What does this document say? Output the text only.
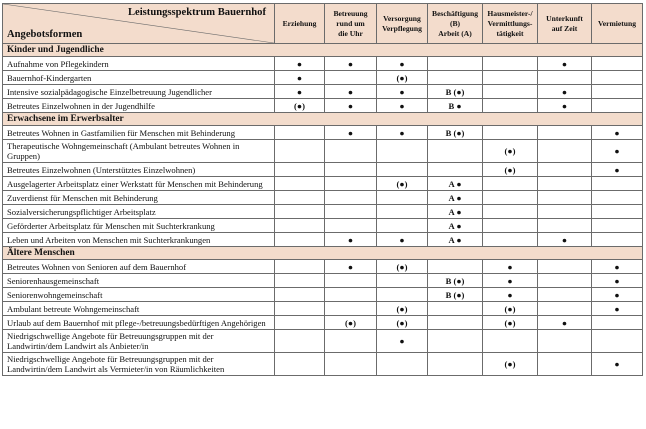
Leistungsspektrum Bauernhof
Angebotsformen	Erziehung	Betreuung
rund um
die Uhr	Versorgung
Verpflegung	Beschäftigung
(B)
Arbeit (A)	Hausmeister-/
Vermittlungs-
tätigkeit	Unterkunft
auf Zeit	Vermietung
Kinder und Jugendliche							
Aufnahme von Pflegekindern	●	●	●			●	
Bauernhof-Kindergarten	●		(●)				
Intensive sozialpädagogische Einzelbetreuung Jugendlicher	●	●	●	B (●)		●	
Betreutes Einzelwohnen in der Jugendhilfe	(●)	●	●	B ●		●	
Erwachsene im Erwerbsalter							
Betreutes Wohnen in Gastfamilien für Menschen mit Behinderung		●	●	B (●)			●
Therapeutische Wohngemeinschaft (Ambulant betreutes Wohnen in Gruppen)					(●)		●
Betreutes Einzelwohnen (Unterstütztes Einzelwohnen)					(●)		●
Ausgelagerter Arbeitsplatz einer Werkstatt für Menschen mit Behinderung			(●)	A ●			
Zuverdienst für Menschen mit Behinderung				A ●			
Sozialversicherungspflichtiger Arbeitsplatz				A ●			
Geförderter Arbeitsplatz für Menschen mit Suchterkrankung				A ●			
Leben und Arbeiten von Menschen mit Suchterkrankungen		●	●	A ●		●	
Ältere Menschen							
Betreutes Wohnen von Senioren auf dem Bauernhof		●	(●)		●		●
Seniorenhausgemeinschaft				B (●)	●		●
Seniorenwohngemeinschaft				B (●)	●		●
Ambulant betreute Wohngemeinschaft			(●)		(●)		●
Urlaub auf dem Bauernhof mit pflege-/betreuungsbedürftigen Angehörigen		(●)	(●)		(●)	●	
Niedrigschwellige Angebote für Betreuungsgruppen mit der Landwirtin/dem Landwirt als Anbieter/in			●				
Niedrigschwellige Angebote für Betreuungsgruppen mit der Landwirtin/dem Landwirt als Vermieter/in von Räumlichkeiten					(●)		●
